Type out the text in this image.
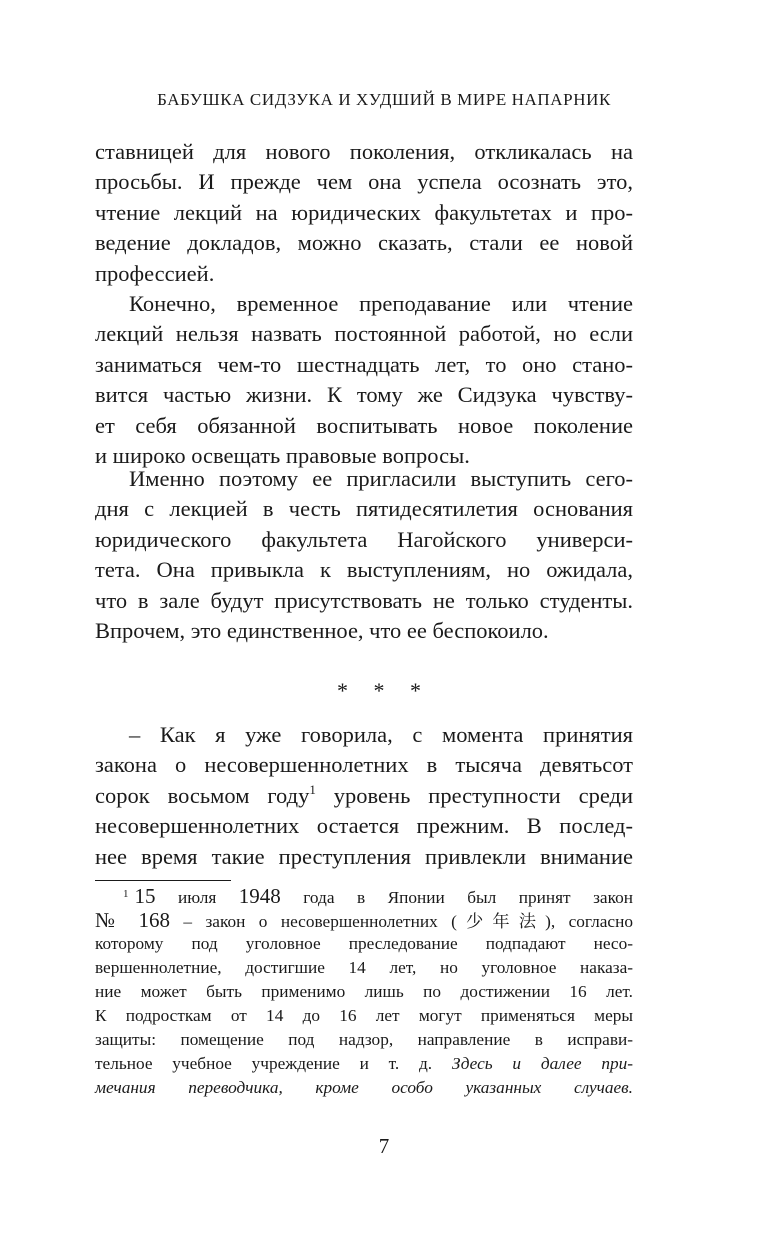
БАБУШКА СИДЗУКА И ХУДШИЙ В МИРЕ НАПАРНИК
ставницей для нового поколения, откликалась на
просьбы. И прежде чем она успела осознать это,
чтение лекций на юридических факультетах и про-
ведение докладов, можно сказать, стали ее новой
профессией.
Конечно, временное преподавание или чтение
лекций нельзя назвать постоянной работой, но если
заниматься чем-то шестнадцать лет, то оно стано-
вится частью жизни. К тому же Сидзука чувству-
ет себя обязанной воспитывать новое поколение
и широко освещать правовые вопросы.
Именно поэтому ее пригласили выступить сего-
дня с лекцией в честь пятидесятилетия основания
юридического факультета Нагойского универси-
тета. Она привыкла к выступлениям, но ожидала,
что в зале будут присутствовать не только студенты.
Впрочем, это единственное, что ее беспокоило.
* * *
– Как я уже говорила, с момента принятия
закона о несовершеннолетних в тысяча девятьсот
сорок восьмом году$^1$ уровень преступности среди
несовершеннолетних остается прежним. В послед-
нее время такие преступления привлекли внимание
$^1$ 15 июля 1948 года в Японии был принят закон
№ 168 – закон о несовершеннолетних (少年法), согласно
которому под уголовное преследование подпадают несо-
вершеннолетние, достигшие 14 лет, но уголовное наказа-
ние может быть применимо лишь по достижении 16 лет.
К подросткам от 14 до 16 лет могут применяться меры
защиты: помещение под надзор, направление в исправи-
тельное учебное учреждение и т. д. Здесь и далее при-
мечания переводчика, кроме особо указанных случаев.
7
